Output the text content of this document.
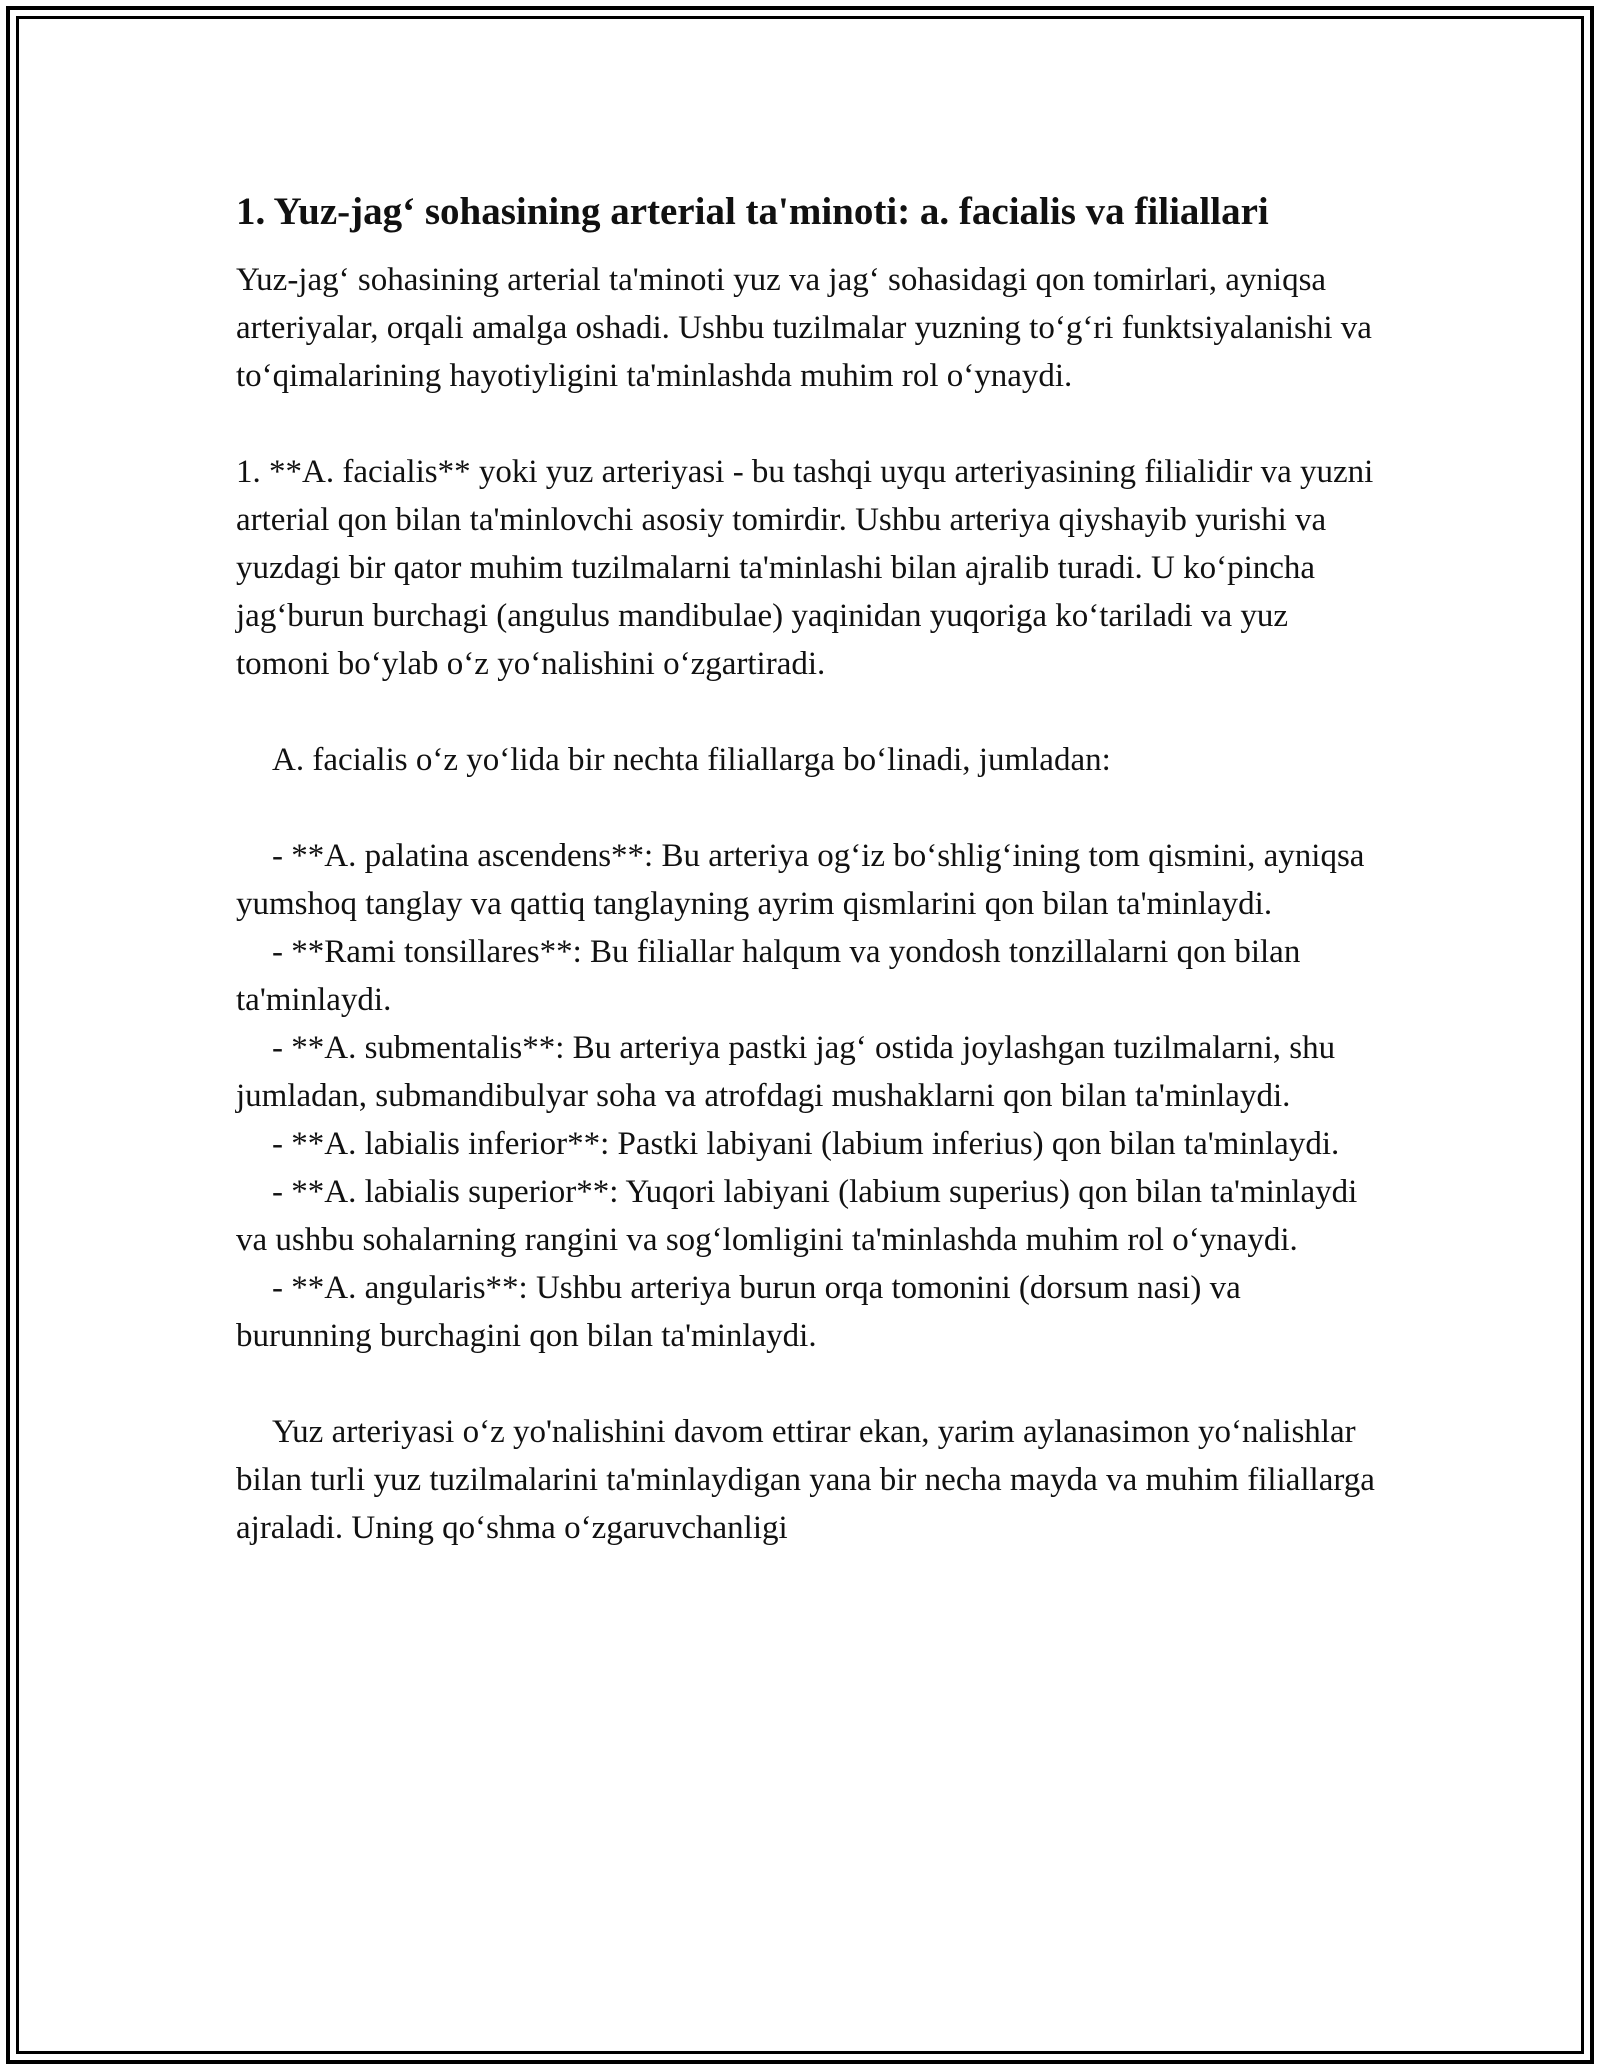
1. Yuz-jag‘ sohasining arterial ta'minoti: a. facialis va filiallari

Yuz-jag‘ sohasining arterial ta'minoti yuz va jag‘ sohasidagi qon tomirlari, ayniqsa arteriyalar, orqali amalga oshadi. Ushbu tuzilmalar yuzning to‘g‘ri funktsiyalanishi va to‘qimalarining hayotiyligini ta'minlashda muhim rol o‘ynaydi.

1. **A. facialis** yoki yuz arteriyasi - bu tashqi uyqu arteriyasining filialidir va yuzni arterial qon bilan ta'minlovchi asosiy tomirdir. Ushbu arteriya qiyshayib yurishi va yuzdagi bir qator muhim tuzilmalarni ta'minlashi bilan ajralib turadi. U ko‘pincha jag‘burun burchagi (angulus mandibulae) yaqinidan yuqoriga ko‘tariladi va yuz tomoni bo‘ylab o‘z yo‘nalishini o‘zgartiradi.

A. facialis o‘z yo‘lida bir nechta filiallarga bo‘linadi, jumladan:

- **A. palatina ascendens**: Bu arteriya og‘iz bo‘shlig‘ining tom qismini, ayniqsa yumshoq tanglay va qattiq tanglayning ayrim qismlarini qon bilan ta'minlaydi.

- **Rami tonsillares**: Bu filiallar halqum va yondosh tonzillalarni qon bilan ta'minlaydi.

- **A. submentalis**: Bu arteriya pastki jag‘ ostida joylashgan tuzilmalarni, shu jumladan, submandibulyar soha va atrofdagi mushaklarni qon bilan ta'minlaydi.

- **A. labialis inferior**: Pastki labiyani (labium inferius) qon bilan ta'minlaydi.

- **A. labialis superior**: Yuqori labiyani (labium superius) qon bilan ta'minlaydi va ushbu sohalarning rangini va sog‘lomligini ta'minlashda muhim rol o‘ynaydi.

- **A. angularis**: Ushbu arteriya burun orqa tomonini (dorsum nasi) va burunning burchagini qon bilan ta'minlaydi.

Yuz arteriyasi o‘z yo'nalishini davom ettirar ekan, yarim aylanasimon yo‘nalishlar bilan turli yuz tuzilmalarini ta'minlaydigan yana bir necha mayda va muhim filiallarga ajraladi. Uning qo‘shma o‘zgaruvchanligi
